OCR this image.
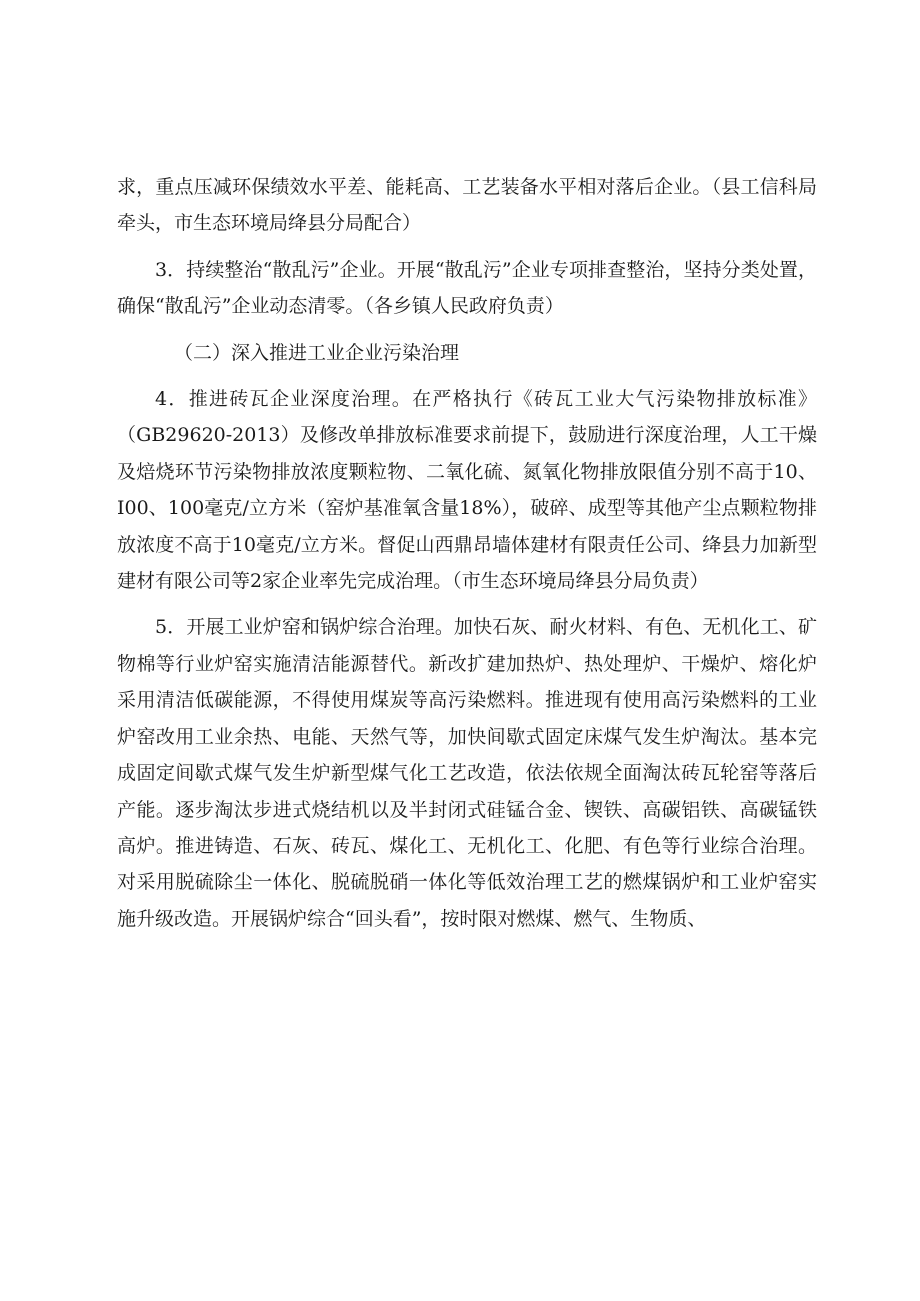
求，重点压减环保绩效水平差、能耗高、工艺装备水平相对落后企业。（县工信科局牵头，市生态环境局绛县分局配合）

3．持续整治“散乱污”企业。开展“散乱污”企业专项排查整治，坚持分类处置，确保“散乱污”企业动态清零。（各乡镇人民政府负责）

（二）深入推进工业企业污染治理

4．推进砖瓦企业深度治理。在严格执行《砖瓦工业大气污染物排放标准》（GB29620-2013）及修改单排放标准要求前提下，鼓励进行深度治理，人工干燥及焙烧环节污染物排放浓度颗粒物、二氧化硫、氮氧化物排放限值分别不高于10、I00、100毫克/立方米（窑炉基准氧含量18%），破碎、成型等其他产尘点颗粒物排放浓度不高于10毫克/立方米。督促山西鼎昂墙体建材有限责任公司、绛县力加新型建材有限公司等2家企业率先完成治理。（市生态环境局绛县分局负责）

5．开展工业炉窑和锅炉综合治理。加快石灰、耐火材料、有色、无机化工、矿物棉等行业炉窑实施清洁能源替代。新改扩建加热炉、热处理炉、干燥炉、熔化炉采用清洁低碳能源，不得使用煤炭等高污染燃料。推进现有使用高污染燃料的工业炉窑改用工业余热、电能、天然气等，加快间歇式固定床煤气发生炉淘汰。基本完成固定间歇式煤气发生炉新型煤气化工艺改造，依法依规全面淘汰砖瓦轮窑等落后产能。逐步淘汰步进式烧结机以及半封闭式硅锰合金、锲铁、高碳铝铁、高碳锰铁高炉。推进铸造、石灰、砖瓦、煤化工、无机化工、化肥、有色等行业综合治理。对采用脱硫除尘一体化、脱硫脱硝一体化等低效治理工艺的燃煤锅炉和工业炉窑实施升级改造。开展锅炉综合“回头看”，按时限对燃煤、燃气、生物质、
